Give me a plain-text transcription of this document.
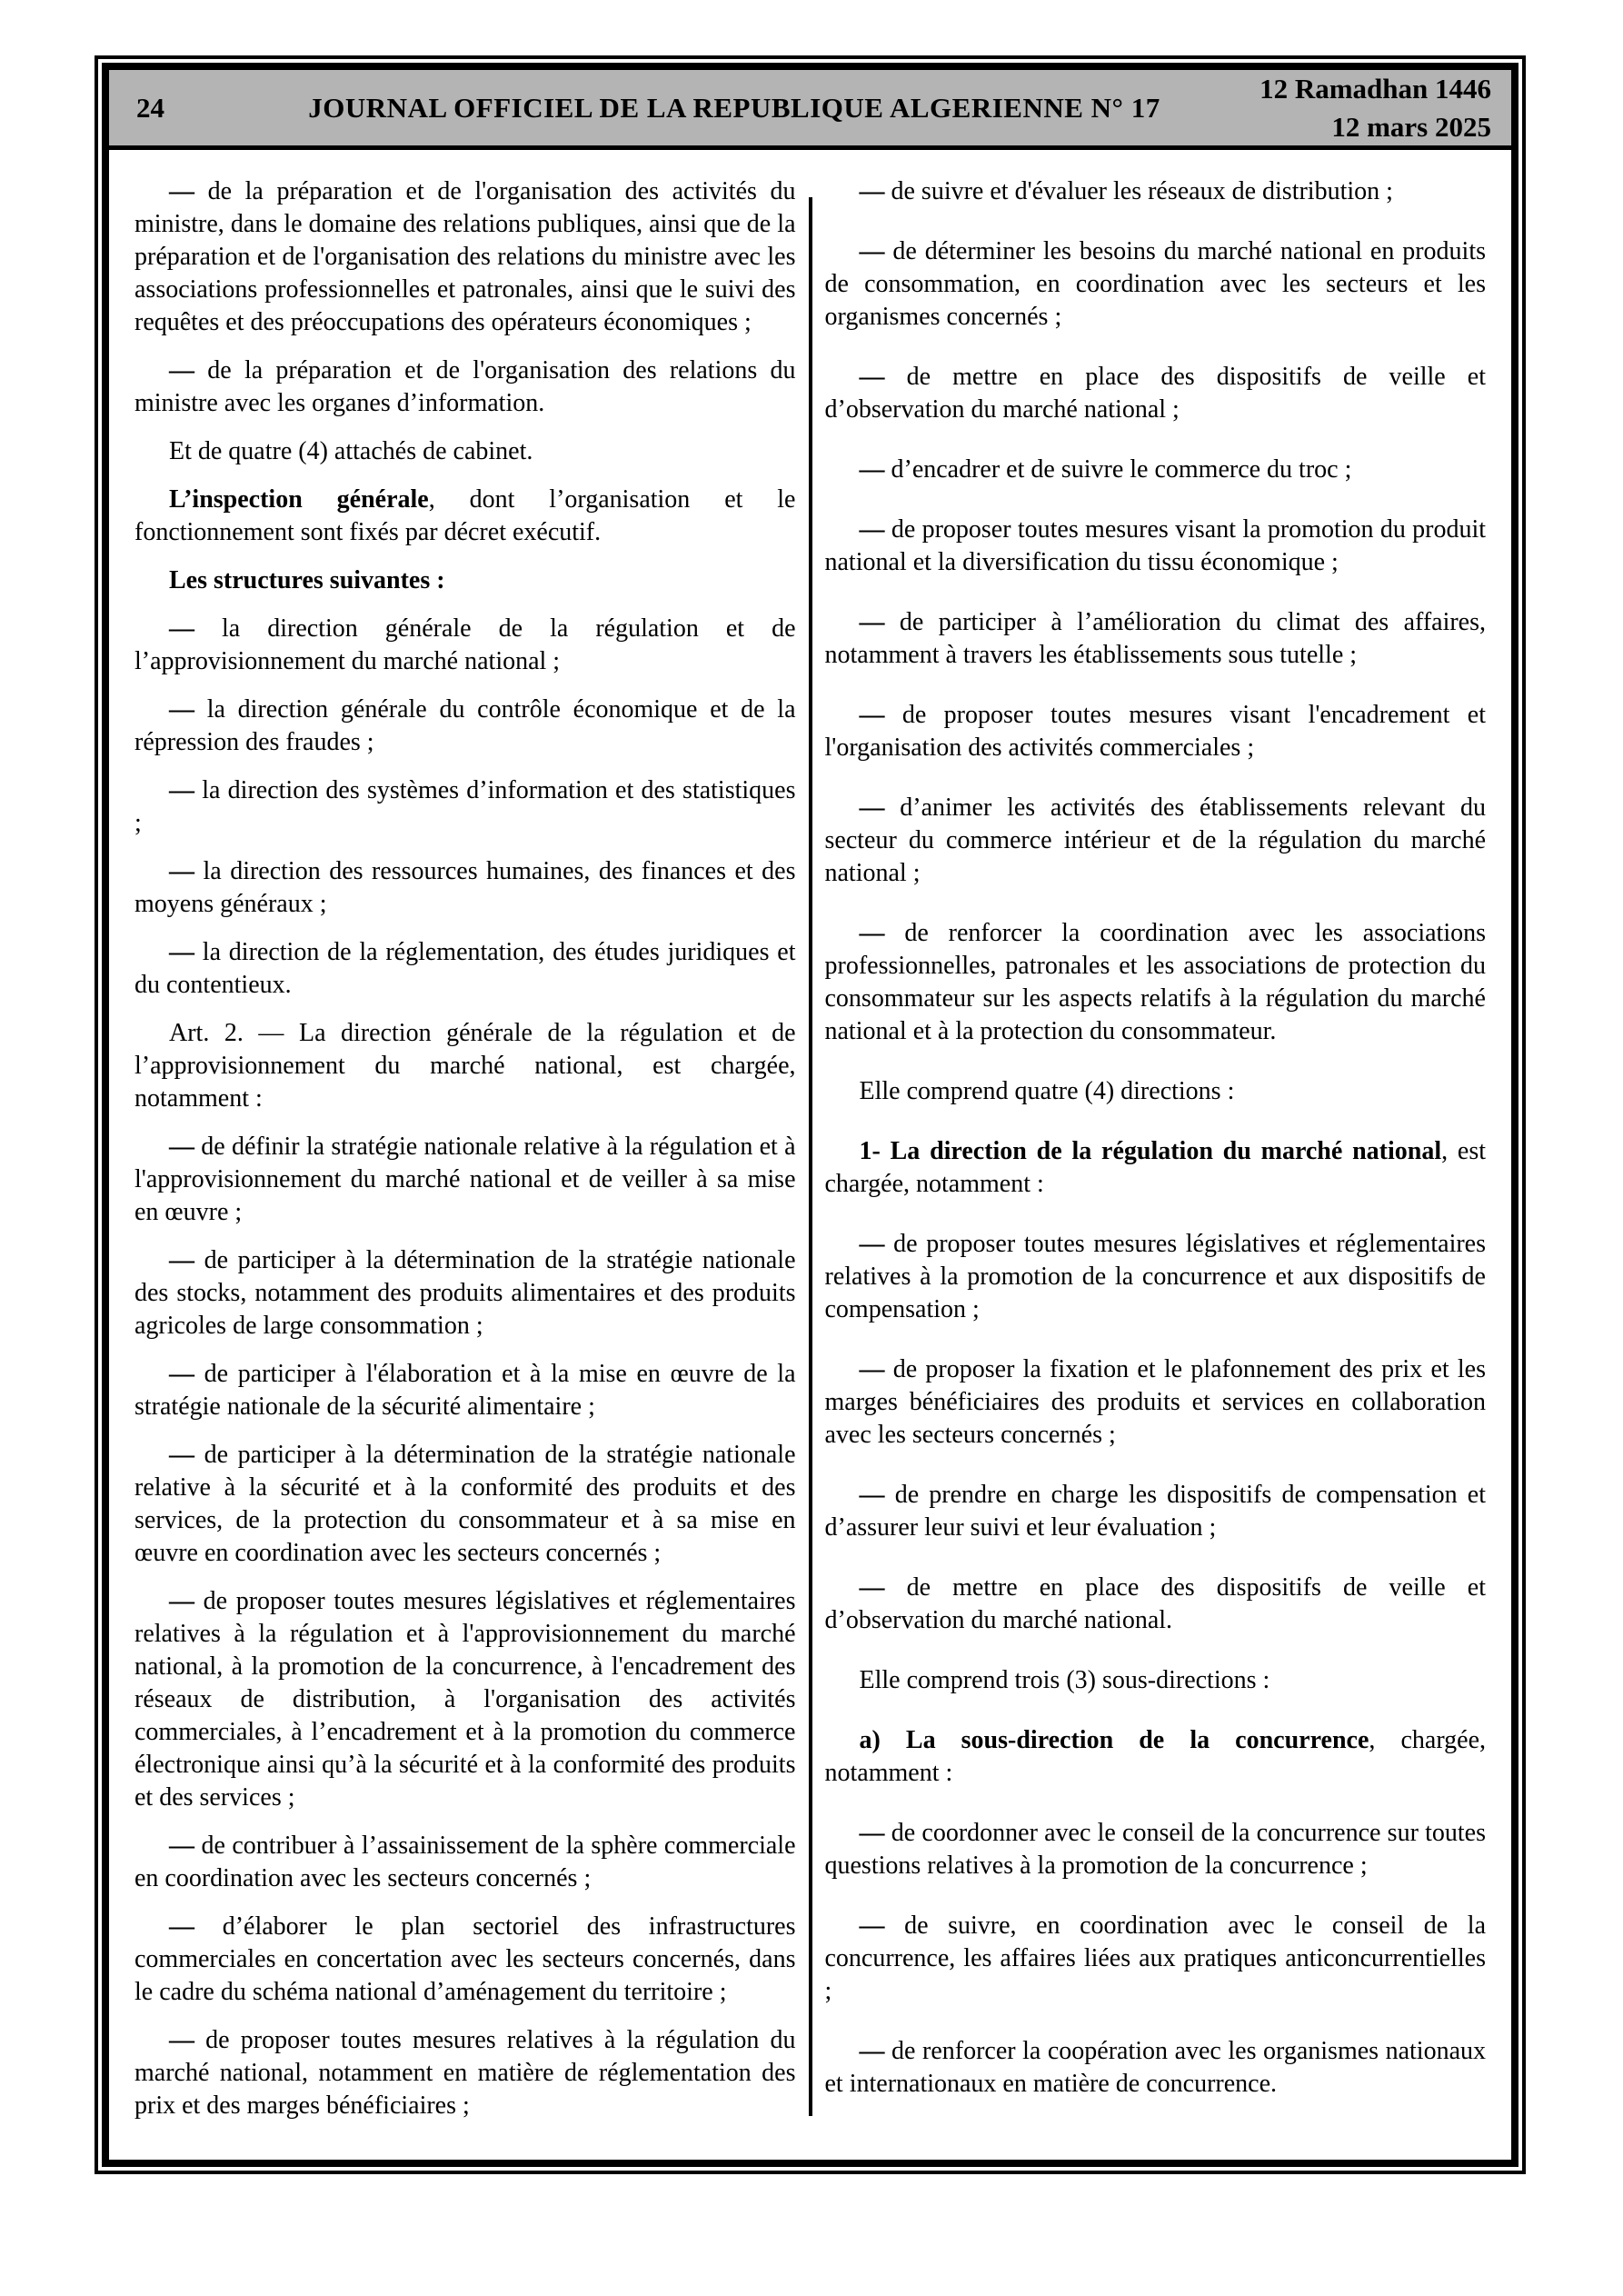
24	JOURNAL OFFICIEL DE LA REPUBLIQUE ALGERIENNE N° 17
12 Ramadhan 1446
12 mars 2025

— de la préparation et de l'organisation des activités du ministre, dans le domaine des relations publiques, ainsi que de la préparation et de l'organisation des relations du ministre avec les associations professionnelles et patronales, ainsi que le suivi des requêtes et des préoccupations des opérateurs économiques ;

— de la préparation et de l'organisation des relations du ministre avec les organes d’information.

Et de quatre (4) attachés de cabinet.

L’inspection générale, dont l’organisation et le fonctionnement sont fixés par décret exécutif.

Les structures suivantes :

— la direction générale de la régulation et de l’approvisionnement du marché national ;

— la direction générale du contrôle économique et de la répression des fraudes ;

— la direction des systèmes d’information et des statistiques ;

— la direction des ressources humaines, des finances et des moyens généraux ;

— la direction de la réglementation, des études juridiques et du contentieux.

Art. 2. — La direction générale de la régulation et de l’approvisionnement du marché national, est chargée, notamment :

— de définir la stratégie nationale relative à la régulation et à l'approvisionnement du marché national et de veiller à sa mise en œuvre ;

— de participer à la détermination de la stratégie nationale des stocks, notamment des produits alimentaires et des produits agricoles de large consommation ;

— de participer à l'élaboration et à la mise en œuvre de la stratégie nationale de la sécurité alimentaire ;

— de participer à la détermination de la stratégie nationale relative à la sécurité et à la conformité des produits et des services, de la protection du consommateur et à sa mise en œuvre en coordination avec les secteurs concernés ;

— de proposer toutes mesures législatives et réglementaires relatives à la régulation et à l'approvisionnement du marché national, à la promotion de la concurrence, à l'encadrement des réseaux de distribution, à l'organisation des activités commerciales, à l’encadrement et à la promotion du commerce électronique ainsi qu’à la sécurité et à la conformité des produits et des services ;

— de contribuer à l’assainissement de la sphère commerciale en coordination avec les secteurs concernés ;

— d’élaborer le plan sectoriel des infrastructures commerciales en concertation avec les secteurs concernés, dans le cadre du schéma national d’aménagement du territoire ;

— de proposer toutes mesures relatives à la régulation du marché national, notamment en matière de réglementation des prix et des marges bénéficiaires ;

— de suivre et d'évaluer les réseaux de distribution ;

— de déterminer les besoins du marché national en produits de consommation, en coordination avec les secteurs et les organismes concernés ;

— de mettre en place des dispositifs de veille et d’observation du marché national ;

— d’encadrer et de suivre le commerce du troc ;

— de proposer toutes mesures visant la promotion du produit national et la diversification du tissu économique ;

— de participer à l’amélioration du climat des affaires, notamment à travers les établissements sous tutelle ;

— de proposer toutes mesures visant l'encadrement et l'organisation des activités commerciales ;

— d’animer les activités des établissements relevant du secteur du commerce intérieur et de la régulation du marché national ;

— de renforcer la coordination avec les associations professionnelles, patronales et les associations de protection du consommateur sur les aspects relatifs à la régulation du marché national et à la protection du consommateur.

Elle comprend quatre (4) directions :

1- La direction de la régulation du marché national, est chargée, notamment :

— de proposer toutes mesures législatives et réglementaires relatives à la promotion de la concurrence et aux dispositifs de compensation ;

— de proposer la fixation et le plafonnement des prix et les marges bénéficiaires des produits et services en collaboration avec les secteurs concernés ;

— de prendre en charge les dispositifs de compensation et d’assurer leur suivi et leur évaluation ;

— de mettre en place des dispositifs de veille et d’observation du marché national.

Elle comprend trois (3) sous-directions :

a) La sous-direction de la concurrence, chargée, notamment :

— de coordonner avec le conseil de la concurrence sur toutes questions relatives à la promotion de la concurrence ;

— de suivre, en coordination avec le conseil de la concurrence, les affaires liées aux pratiques anticoncurrentielles ;

— de renforcer la coopération avec les organismes nationaux et internationaux en matière de concurrence.
